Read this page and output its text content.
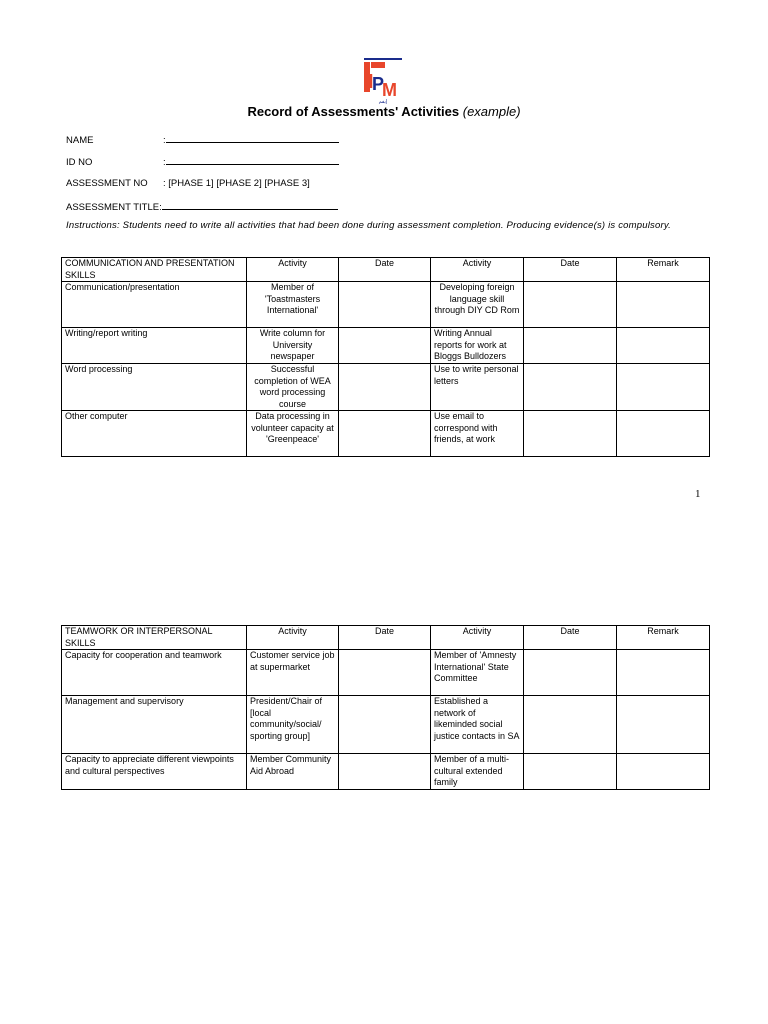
I
P
M
إيفم
Record of Assessments' Activities (example)
NAME	:
ID NO	:
ASSESSMENT NO : [PHASE 1] [PHASE 2] [PHASE 3]
ASSESSMENT TITLE:
Instructions: Students need to write all activities that had been done during assessment completion. Producing evidence(s) is compulsory.
COMMUNICATION AND PRESENTATION SKILLS	Activity	Date	Activity	Date	Remark
Communication/presentation	Member of 'Toastmasters International'		Developing foreign language skill through DIY CD Rom		
Writing/report writing	Write column for University newspaper		Writing Annual reports for work at Bloggs Bulldozers		
Word processing	Successful completion of WEA word processing course		Use to write personal letters		
Other computer	Data processing in volunteer capacity at 'Greenpeace'		Use email to correspond with friends, at work		
1
TEAMWORK OR INTERPERSONAL SKILLS	Activity	Date	Activity	Date	Remark
Capacity for cooperation and teamwork	Customer service job at supermarket		Member of 'Amnesty International' State Committee		
Management and supervisory	President/Chair of [local community/social/ sporting group]		Established a network of likeminded social justice contacts in SA		
Capacity to appreciate different viewpoints and cultural perspectives	Member Community Aid Abroad		Member of a multi-cultural extended family		
